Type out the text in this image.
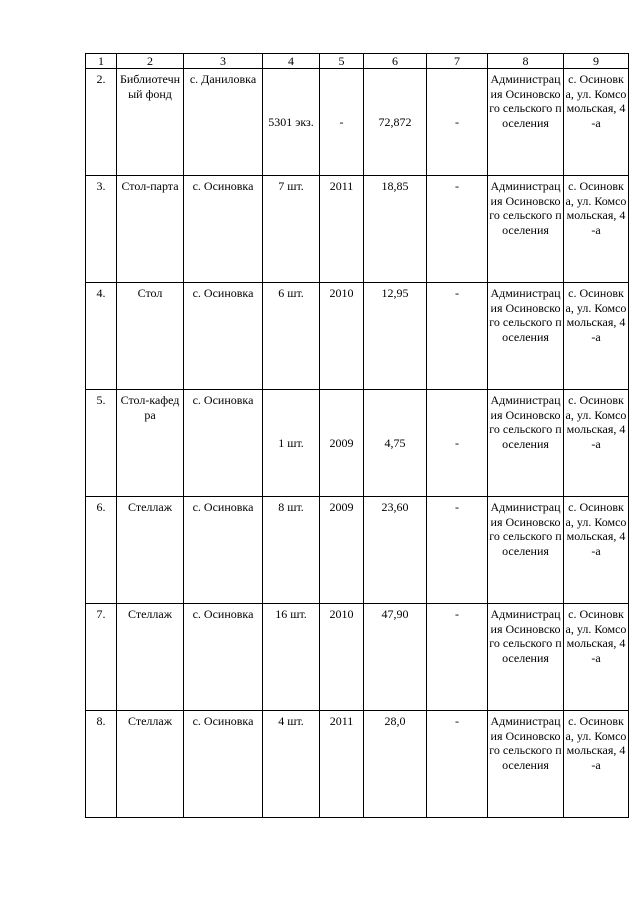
1	2	3	4	5	6	7	8	9
2.	Библиотечный фонд	с. Даниловка	5301 экз.	-	72,872	-	Администрация Осиновского сельского поселения	с. Осиновка, ул. Комсомольская, 4-а
3.	Стол-парта	с. Осиновка	7 шт.	2011	18,85	-	Администрация Осиновского сельского поселения	с. Осиновка, ул. Комсомольская, 4-а
4.	Стол	с. Осиновка	6 шт.	2010	12,95	-	Администрация Осиновского сельского поселения	с. Осиновка, ул. Комсомольская, 4-а
5.	Стол-кафедра	с. Осиновка	1 шт.	2009	4,75	-	Администрация Осиновского сельского поселения	с. Осиновка, ул. Комсомольская, 4-а
6.	Стеллаж	с. Осиновка	8 шт.	2009	23,60	-	Администрация Осиновского сельского поселения	с. Осиновка, ул. Комсомольская, 4-а
7.	Стеллаж	с. Осиновка	16 шт.	2010	47,90	-	Администрация Осиновского сельского поселения	с. Осиновка, ул. Комсомольская, 4-а
8.	Стеллаж	с. Осиновка	4 шт.	2011	28,0	-	Администрация Осиновского сельского поселения	с. Осиновка, ул. Комсомольская, 4-а
